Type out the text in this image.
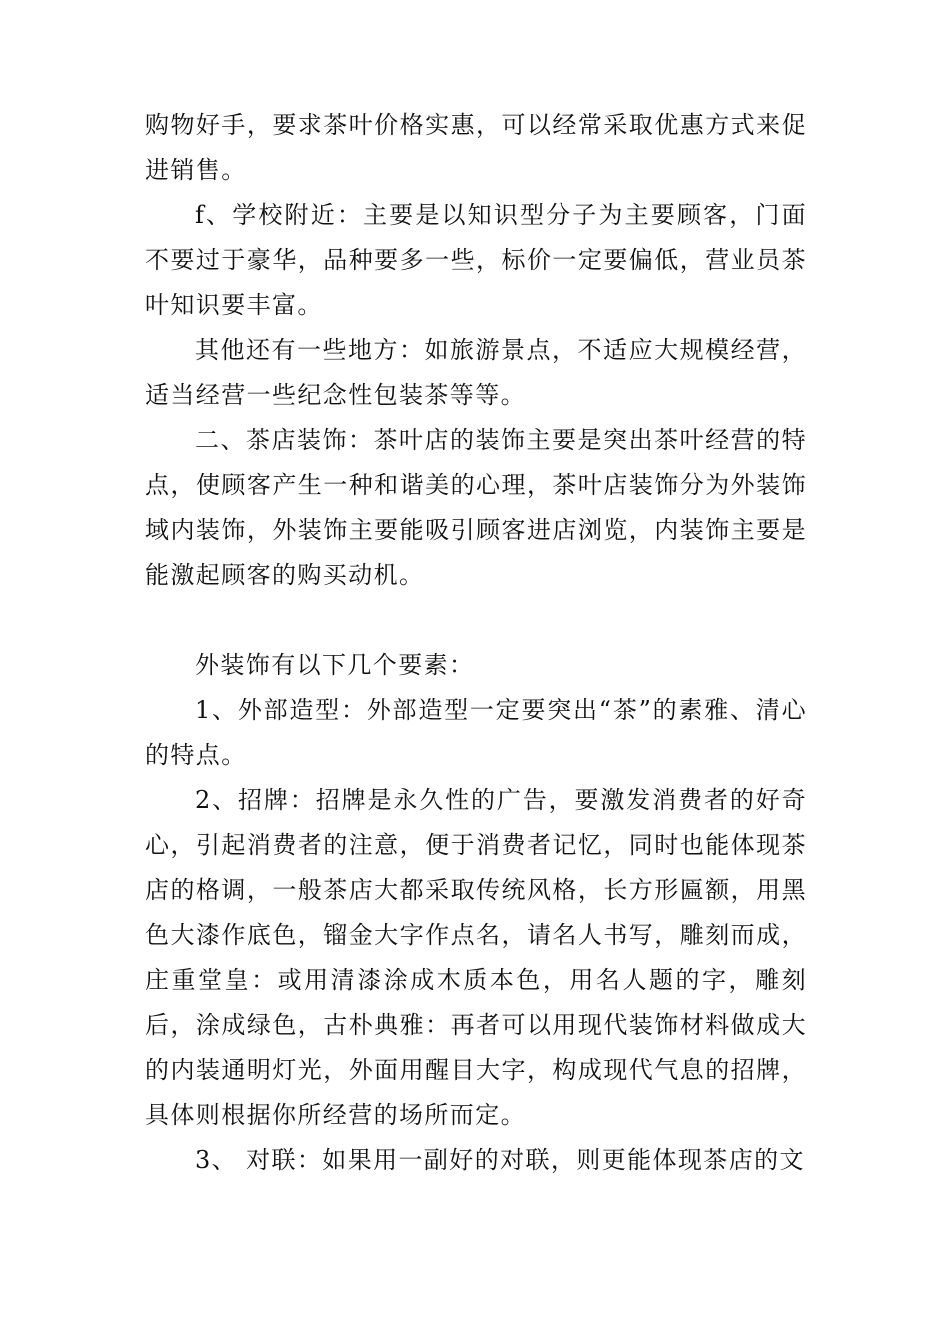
购物好手，要求茶叶价格实惠，可以经常采取优惠方式来促进销售。

f、学校附近：主要是以知识型分子为主要顾客，门面不要过于豪华，品种要多一些，标价一定要偏低，营业员茶叶知识要丰富。

其他还有一些地方：如旅游景点，不适应大规模经营，适当经营一些纪念性包装茶等等。

二、茶店装饰：茶叶店的装饰主要是突出茶叶经营的特点，使顾客产生一种和谐美的心理，茶叶店装饰分为外装饰域内装饰，外装饰主要能吸引顾客进店浏览，内装饰主要是能激起顾客的购买动机。

外装饰有以下几个要素：

1、外部造型：外部造型一定要突出“茶”的素雅、清心的特点。

2、招牌：招牌是永久性的广告，要激发消费者的好奇心，引起消费者的注意，便于消费者记忆，同时也能体现茶店的格调，一般茶店大都采取传统风格，长方形匾额，用黑色大漆作底色，镏金大字作点名，请名人书写，雕刻而成，庄重堂皇：或用清漆涂成木质本色，用名人题的字，雕刻后，涂成绿色，古朴典雅：再者可以用现代装饰材料做成大的内装通明灯光，外面用醒目大字，构成现代气息的招牌，具体则根据你所经营的场所而定。

3、 对联：如果用一副好的对联，则更能体现茶店的文
